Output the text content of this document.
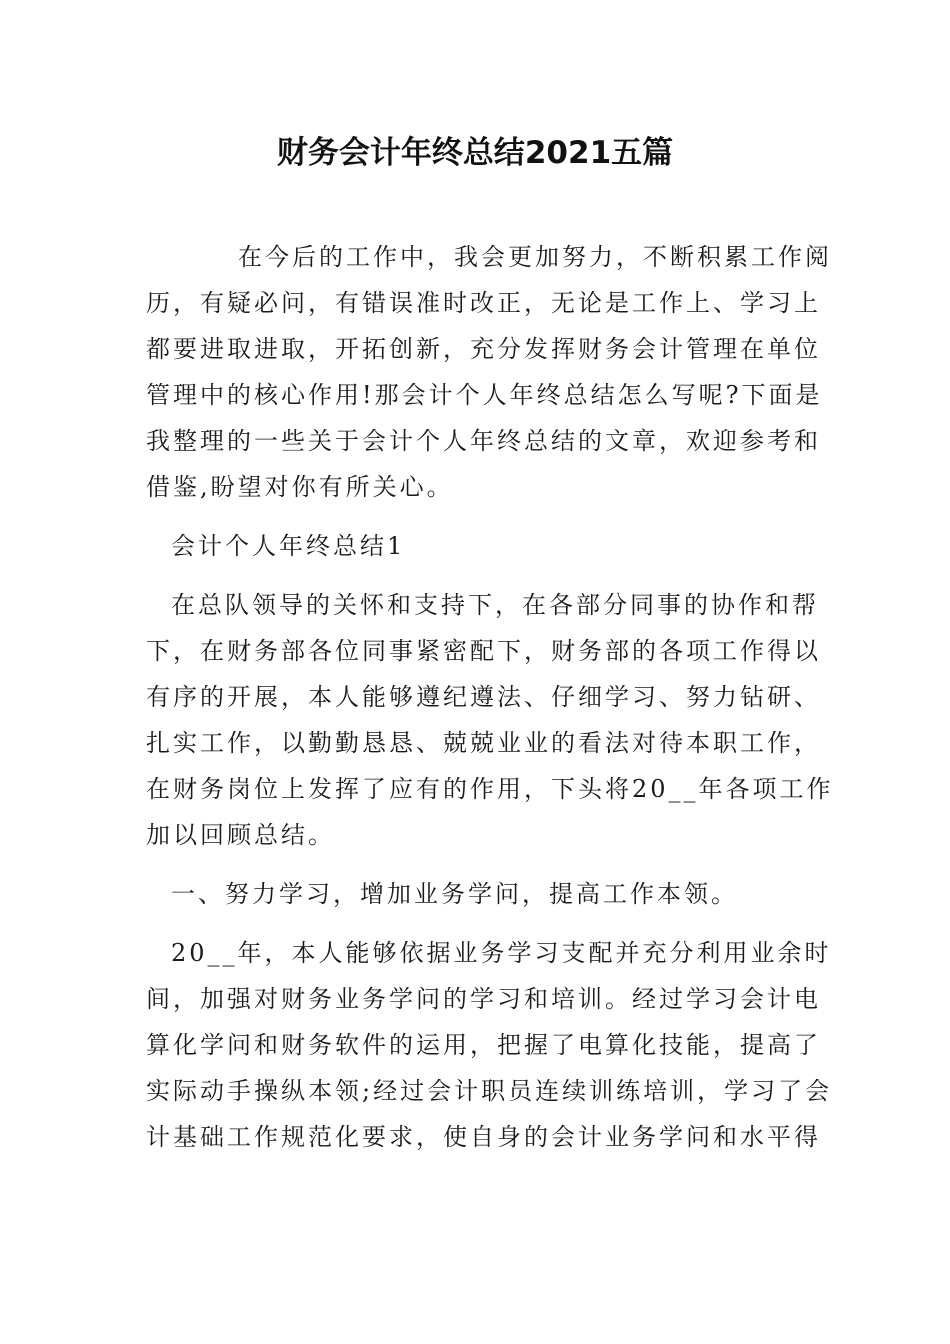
财务会计年终总结2021五篇
在今后的工作中，我会更加努力，不断积累工作阅
历，有疑必问，有错误准时改正，无论是工作上、学习上
都要进取进取，开拓创新，充分发挥财务会计管理在单位
管理中的核心作用!那会计个人年终总结怎么写呢?下面是
我整理的一些关于会计个人年终总结的文章，欢迎参考和
借鉴,盼望对你有所关心。
会计个人年终总结1
在总队领导的关怀和支持下，在各部分同事的协作和帮
下，在财务部各位同事紧密配下，财务部的各项工作得以
有序的开展，本人能够遵纪遵法、仔细学习、努力钻研、
扎实工作，以勤勤恳恳、兢兢业业的看法对待本职工作，
在财务岗位上发挥了应有的作用，下头将20__年各项工作
加以回顾总结。
一、努力学习，增加业务学问，提高工作本领。
20__年，本人能够依据业务学习支配并充分利用业余时
间，加强对财务业务学问的学习和培训。经过学习会计电
算化学问和财务软件的运用，把握了电算化技能，提高了
实际动手操纵本领;经过会计职员连续训练培训，学习了会
计基础工作规范化要求，使自身的会计业务学问和水平得
